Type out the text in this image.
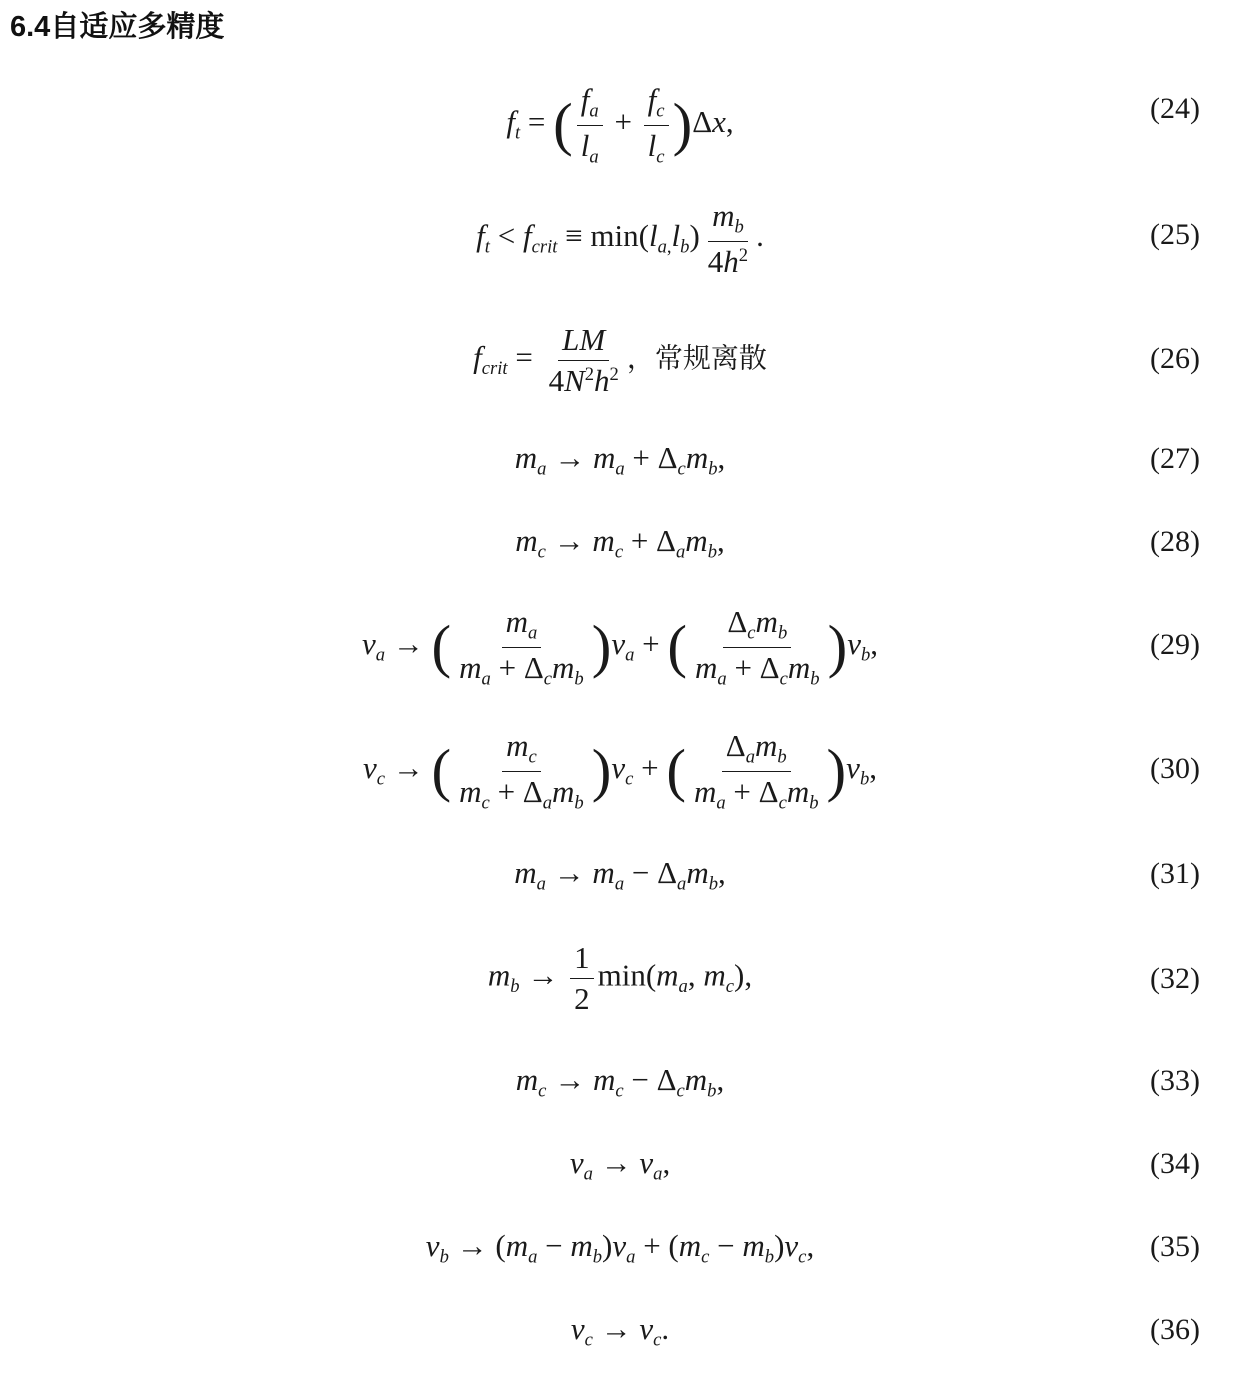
6.4自适应多精度
$f_t$ = ( $\frac{f_a}{l_a} + \frac{f_c}{l_c} )\Delta x$,	(24)
$f_t < f_{crit} \equiv \min(l_{a,}l_b) \frac{m_b}{4h^2}$ .	(25)
$f_{crit} = \frac{LM}{4N^2h^2}$ ，常规离散	(26)
$m_a \to m_a + \Delta_cm_b$,	(27)
$m_c \to m_c + \Delta_am_b$,	(28)
$\nu_a$ → ( $\frac{m_a}{m_a + \Delta_cm_b} )\nu_a$ + ( $\frac{\Delta_cm_b}{m_a + \Delta_cm_b} )\nu_b$,	(29)
$\nu_c$ → ( $\frac{m_c}{m_c + \Delta_am_b} )\nu_c$ + ( $\frac{\Delta_am_b}{m_a + \Delta_cm_b} )\nu_b$,	(30)
$m_a \to m_a - \Delta_am_b$,	(31)
$m_b \to \frac{1}{2} \min(m_a$, $m_c$),	(32)
$m_c \to m_c - \Delta_cm_b$,	(33)
$\nu_a \to \nu_a$,	(34)
$\nu_b \to (m_a - m_b)\nu_a + (m_c - m_b)\nu_c$,	(35)
$\nu_c \to \nu_c$.	(36)
